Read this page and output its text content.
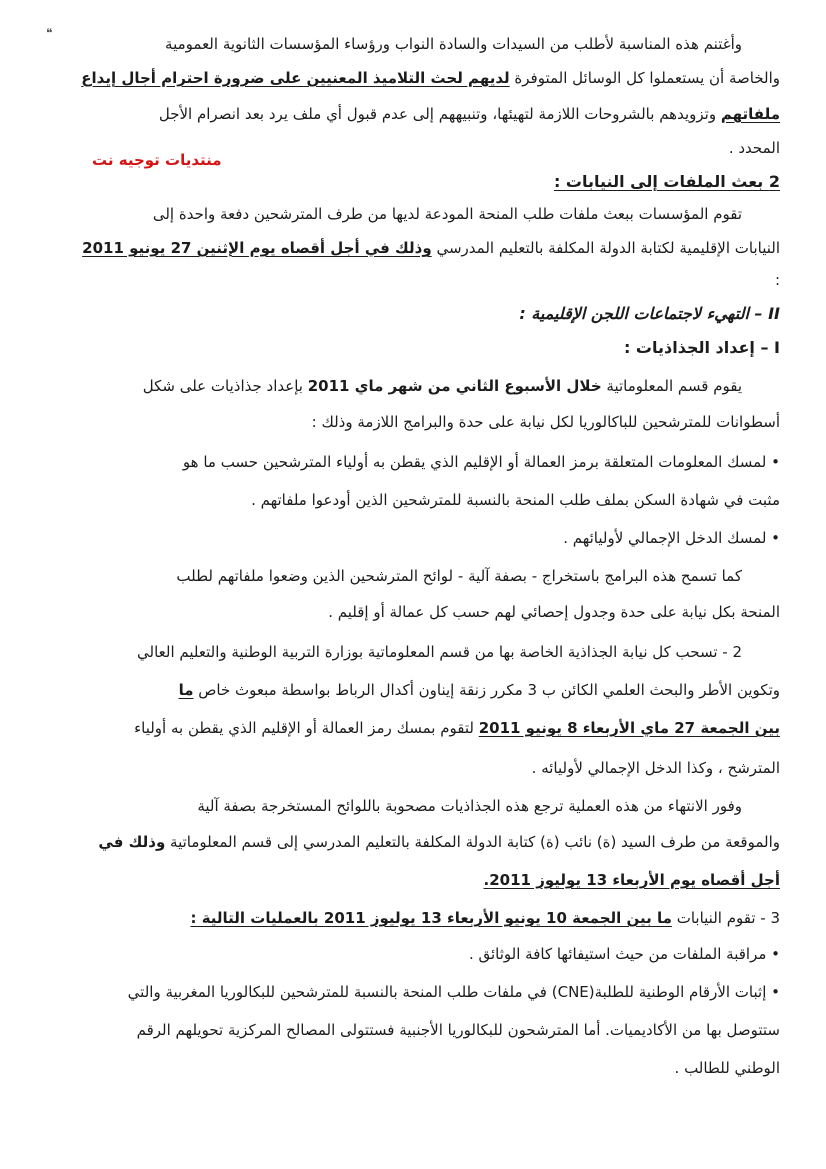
❝
منتديات توجيه نت
وأغتنم هذه المناسبة لأطلب من السيدات والسادة النواب ورؤساء المؤسسات الثانوية العمومية
والخاصة أن يستعملوا كل الوسائل المتوفرة لديهم لحث التلاميذ المعنيين على ضرورة احترام أجال إيداع
ملفاتهم وتزويدهم بالشروحات اللازمة لتهيئها، وتنبيههم إلى عدم قبول أي ملف يرد بعد انصرام الأجل
المحدد .
2 بعث الملفات إلى النيابات :
تقوم المؤسسات ببعث ملفات طلب المنحة المودعة لديها من طرف المترشحين دفعة واحدة إلى
النيابات الإقليمية لكتابة الدولة المكلفة بالتعليم المدرسي وذلك في أجل أقصاه يوم الإثنين 27 يونيو 2011
:
II – التهيء لاجتماعات اللجن الإقليمية :
I – إعداد الجذاذيات :
يقوم قسم المعلوماتية خلال الأسبوع الثاني من شهر ماي 2011 بإعداد جذاذيات على شكل
أسطوانات للمترشحين للباكالوريا لكل نيابة على حدة والبرامج اللازمة وذلك :
• لمسك المعلومات المتعلقة برمز العمالة أو الإقليم الذي يقطن به أولياء المترشحين حسب ما هو
مثبت في شهادة السكن بملف طلب المنحة بالنسبة للمترشحين الذين أودعوا ملفاتهم .
• لمسك الدخل الإجمالي لأوليائهم .
كما تسمح هذه البرامج باستخراج - بصفة آلية - لوائح المترشحين الذين وضعوا ملفاتهم لطلب
المنحة بكل نيابة على حدة وجدول إحصائي لهم حسب كل عمالة أو إقليم .
2 - تسحب كل نيابة الجذاذية الخاصة بها من قسم المعلوماتية بوزارة التربية الوطنية والتعليم العالي
وتكوين الأطر والبحث العلمي الكائن ب 3 مكرر زنقة إيناون أكدال الرباط بواسطة مبعوث خاص ما
بين الجمعة 27 ماي الأربعاء 8 يونيو 2011 لتقوم بمسك رمز العمالة أو الإقليم الذي يقطن به أولياء
المترشح ، وكذا الدخل الإجمالي لأوليائه .
وفور الانتهاء من هذه العملية ترجع هذه الجذاذيات مصحوبة باللوائح المستخرجة بصفة آلية
والموقعة من طرف السيد (ة) نائب (ة) كتابة الدولة المكلفة بالتعليم المدرسي إلى قسم المعلوماتية وذلك في
أجل أقصاه يوم الأربعاء 13 يوليوز 2011.
3 - تقوم النيابات ما بين الجمعة 10 يونيو الأربعاء 13 يوليوز 2011 بالعمليات التالية :
• مراقبة الملفات من حيث استيفائها كافة الوثائق .
• إثبات الأرقام الوطنية للطلبة(CNE) في ملفات طلب المنحة بالنسبة للمترشحين للبكالوريا المغربية والتي
ستتوصل بها من الأكاديميات. أما المترشحون للبكالوريا الأجنبية فستتولى المصالح المركزية تحويلهم الرقم
الوطني للطالب .
